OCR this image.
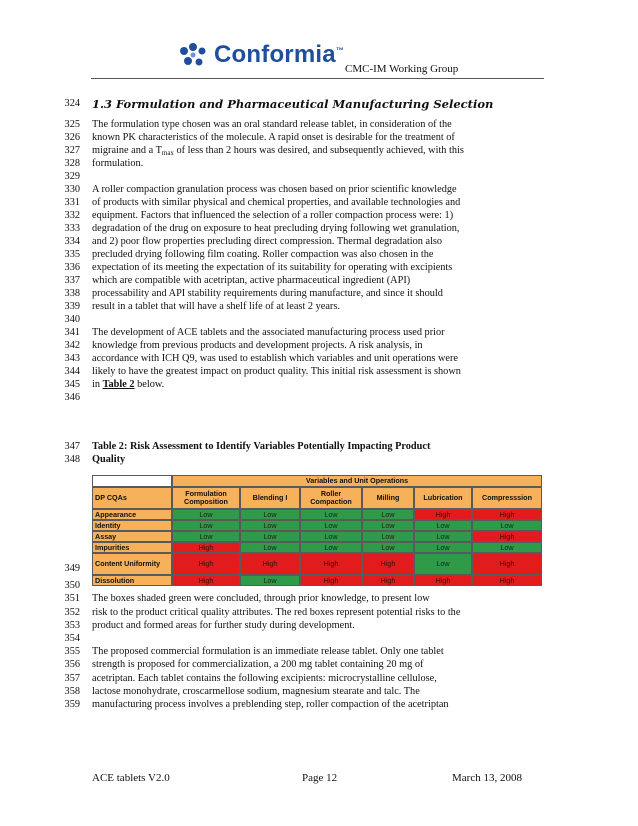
Conformia™
CMC-IM Working Group
324 1.3 Formulation and Pharmaceutical Manufacturing Selection
325 The formulation type chosen was an oral standard release tablet, in consideration of the
326 known PK characteristics of the molecule. A rapid onset is desirable for the treatment of
327 migraine and a $T_{max}$ of less than 2 hours was desired, and subsequently achieved, with this
328 formulation.
329
330 A roller compaction granulation process was chosen based on prior scientific knowledge
331 of products with similar physical and chemical properties, and available technologies and
332 equipment. Factors that influenced the selection of a roller compaction process were: 1)
333 degradation of the drug on exposure to heat precluding drying following wet granulation,
334 and 2) poor flow properties precluding direct compression. Thermal degradation also
335 precluded drying following film coating. Roller compaction was also chosen in the
336 expectation of its meeting the expectation of its suitability for operating with excipients
337 which are compatible with acetriptan, active pharmaceutical ingredient (API)
338 processability and API stability requirements during manufacture, and since it should
339 result in a tablet that will have a shelf life of at least 2 years.
340
341 The development of ACE tablets and the associated manufacturing process used prior
342 knowledge from previous products and development projects. A risk analysis, in
343 accordance with ICH Q9, was used to establish which variables and unit operations were
344 likely to have the greatest impact on product quality. This initial risk assessment is shown
345 in Table 2 below.
346
347 Table 2: Risk Assessment to Identify Variables Potentially Impacting Product
348 Quality
Variables and Unit Operations
DP CQAs	Formulation Composition	Blending I	Roller Compaction	Milling	Lubrication	Compresssion
Appearance	Low	Low	Low	Low	High	High
Identity	Low	Low	Low	Low	Low	Low
Assay	Low	Low	Low	Low	Low	High
Impurities	High	Low	Low	Low	Low	Low
Content Uniformity	High	High	High	High	Low	High
Dissolution	High	Low	High	High	High	High
349
350
351 The boxes shaded green were concluded, through prior knowledge, to present low
352 risk to the product critical quality attributes. The red boxes represent potential risks to the
353 product and formed areas for further study during development.
354
355 The proposed commercial formulation is an immediate release tablet. Only one tablet
356 strength is proposed for commercialization, a 200 mg tablet containing 20 mg of
357 acetriptan. Each tablet contains the following excipients: microcrystalline cellulose,
358 lactose monohydrate, croscarmellose sodium, magnesium stearate and talc. The
359 manufacturing process involves a preblending step, roller compaction of the acetriptan
ACE tablets V2.0	Page 12	March 13, 2008
